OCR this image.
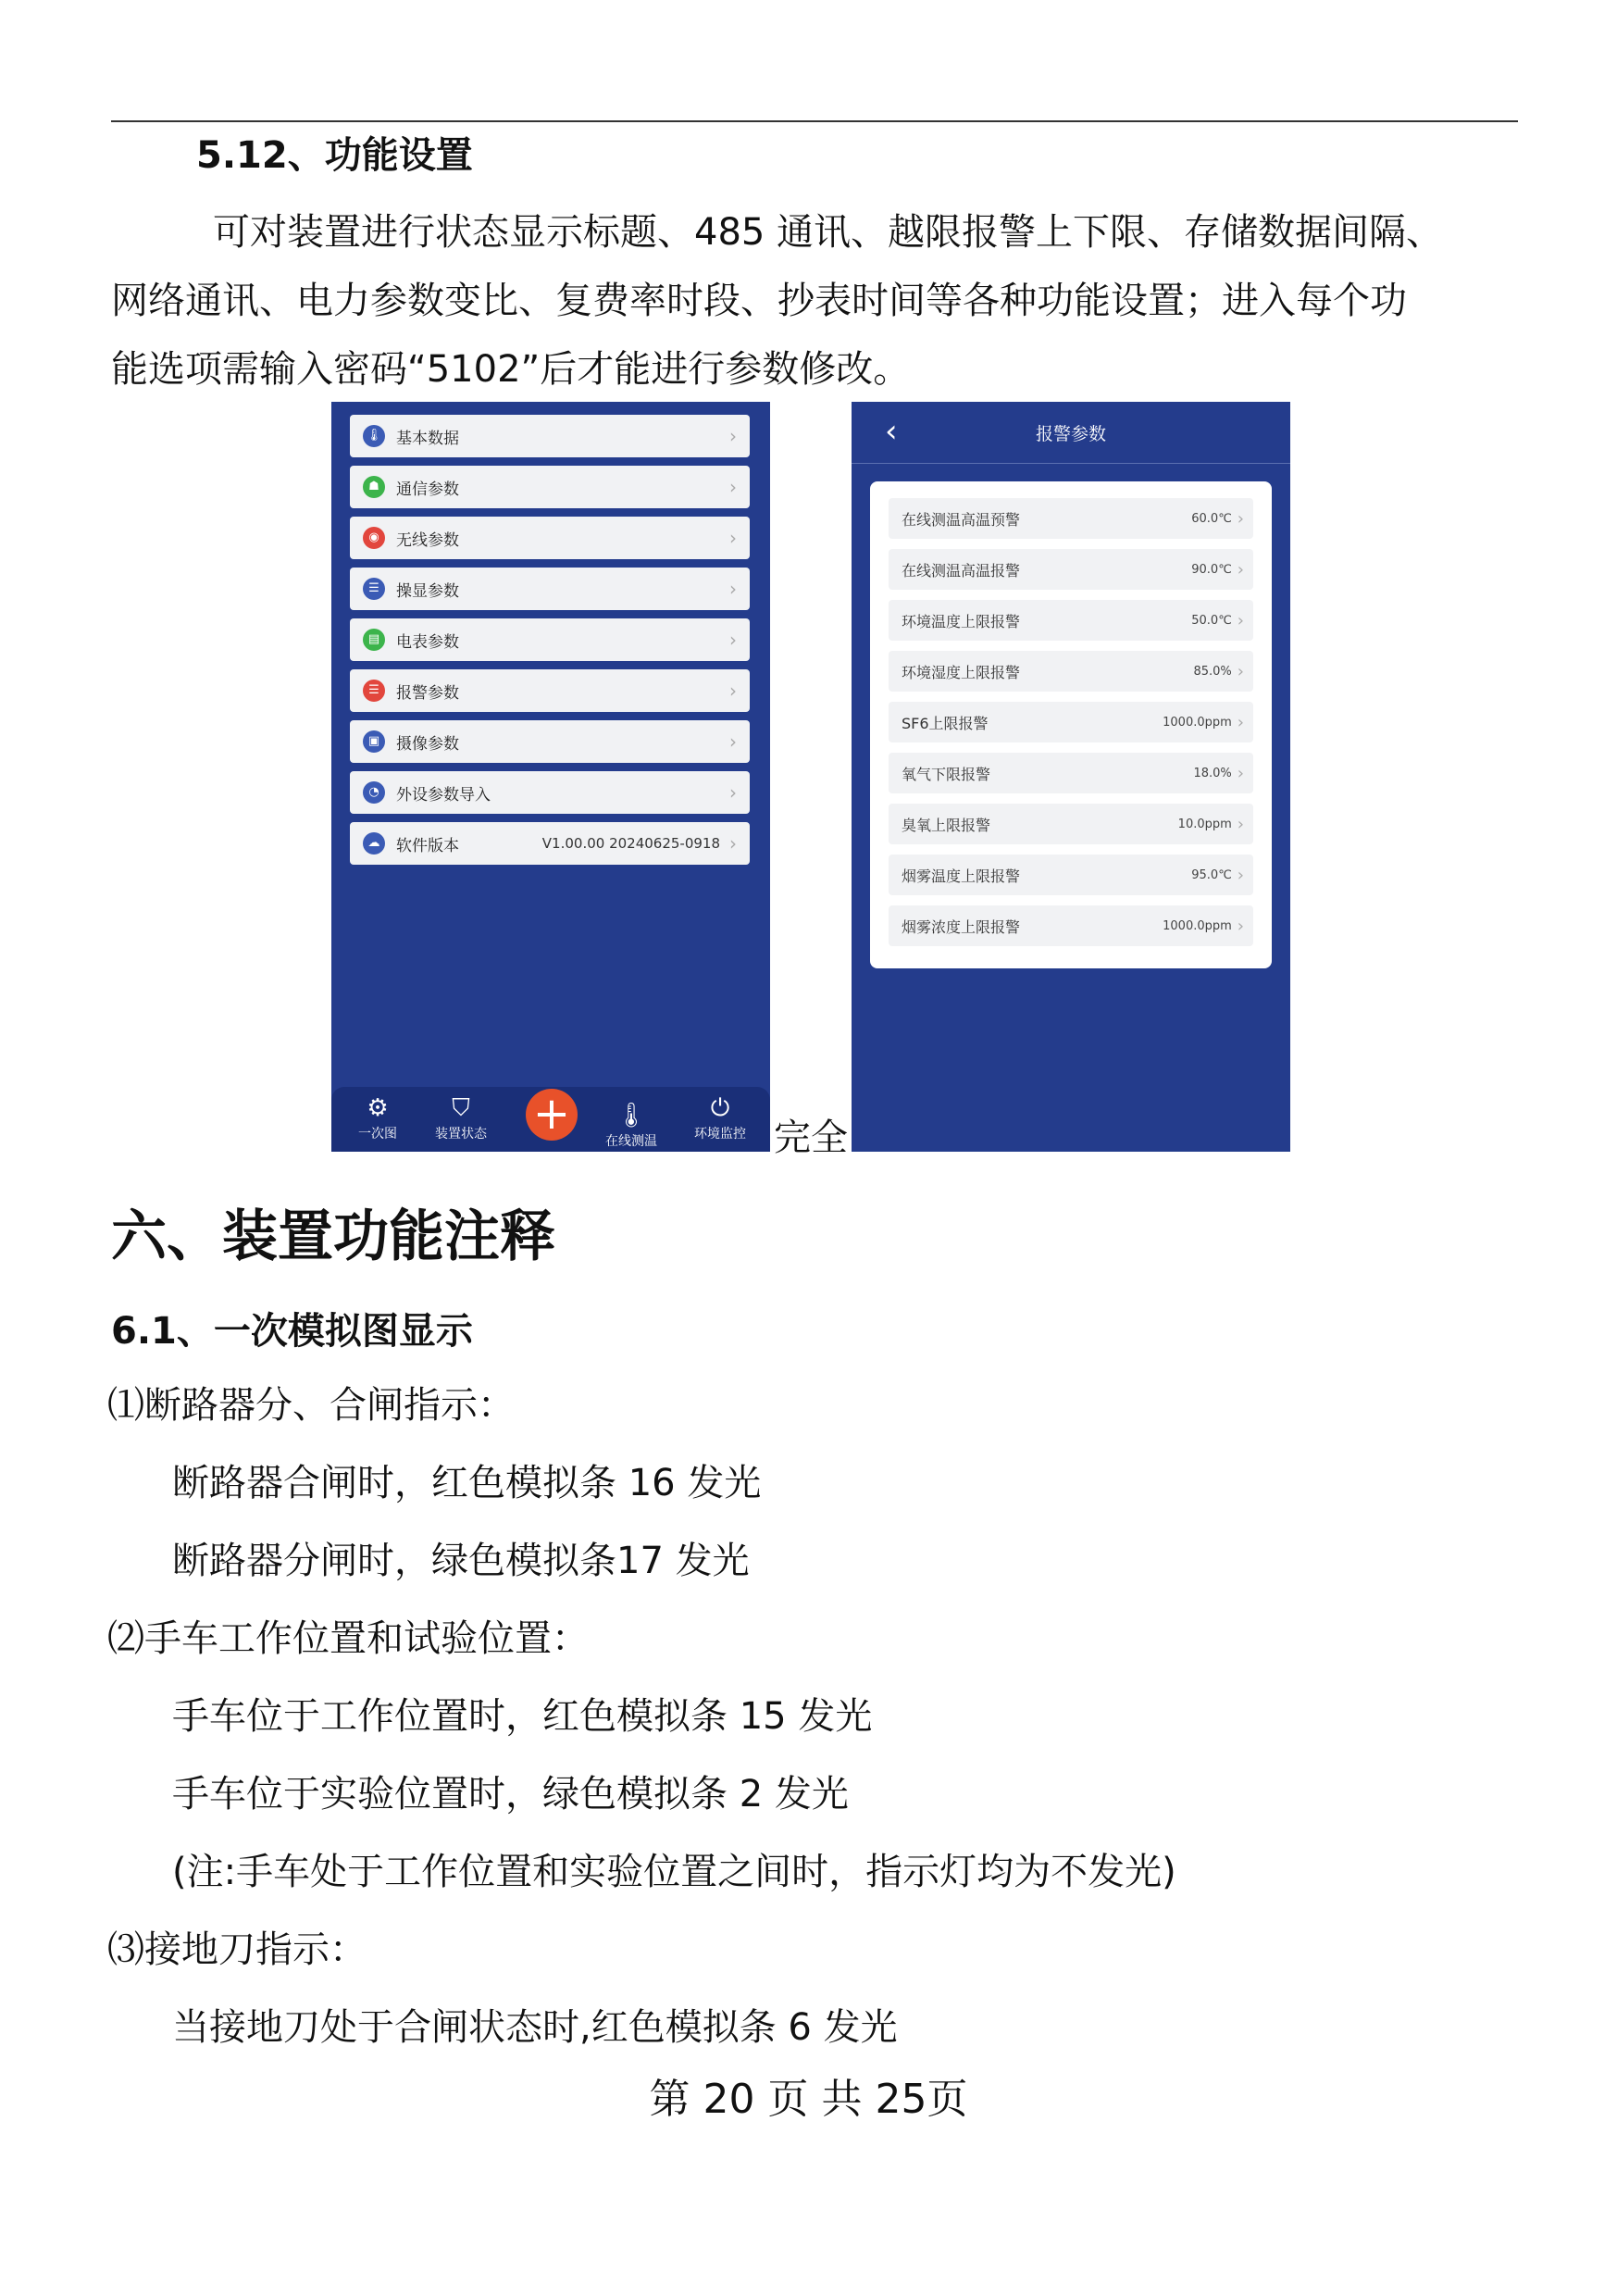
5.12、功能设置

可对装置进行状态显示标题、485 通讯、越限报警上下限、存储数据间隔、

网络通讯、电力参数变比、复费率时段、抄表时间等各种功能设置；进入每个功

能选项需输入密码“5102”后才能进行参数修改。

🌡 基本数据	›
☗	通信参数	›
◉	无线参数	›
☰	操显参数	›
▤	电表参数	›
☰	报警参数	›
▣	摄像参数	›
◔	外设参数导入	›
☁	软件版本	V1.00.00 20240625-0918 ›
⚙
一次图
⛉
装置状态
🌡
在线测温
⏻
环境监控
+	完全
‹	报警参数
在线测温高温预警	60.0℃ ›
在线测温高温报警	90.0℃ ›
环境温度上限报警	50.0℃ ›
环境湿度上限报警	85.0% ›
SF6上限报警	1000.0ppm ›
氧气下限报警	18.0% ›
臭氧上限报警	10.0ppm ›
烟雾温度上限报警	95.0℃ ›
烟雾浓度上限报警	1000.0ppm ›
六、装置功能注释
6.1、一次模拟图显示
⑴断路器分、合闸指示：
断路器合闸时，红色模拟条 16 发光
断路器分闸时，绿色模拟条17 发光
⑵手车工作位置和试验位置：
手车位于工作位置时，红色模拟条 15 发光
手车位于实验位置时，绿色模拟条 2 发光
(注:手车处于工作位置和实验位置之间时，指示灯均为不发光)
⑶接地刀指示：
当接地刀处于合闸状态时,红色模拟条 6 发光
第 20 页 共 25页
